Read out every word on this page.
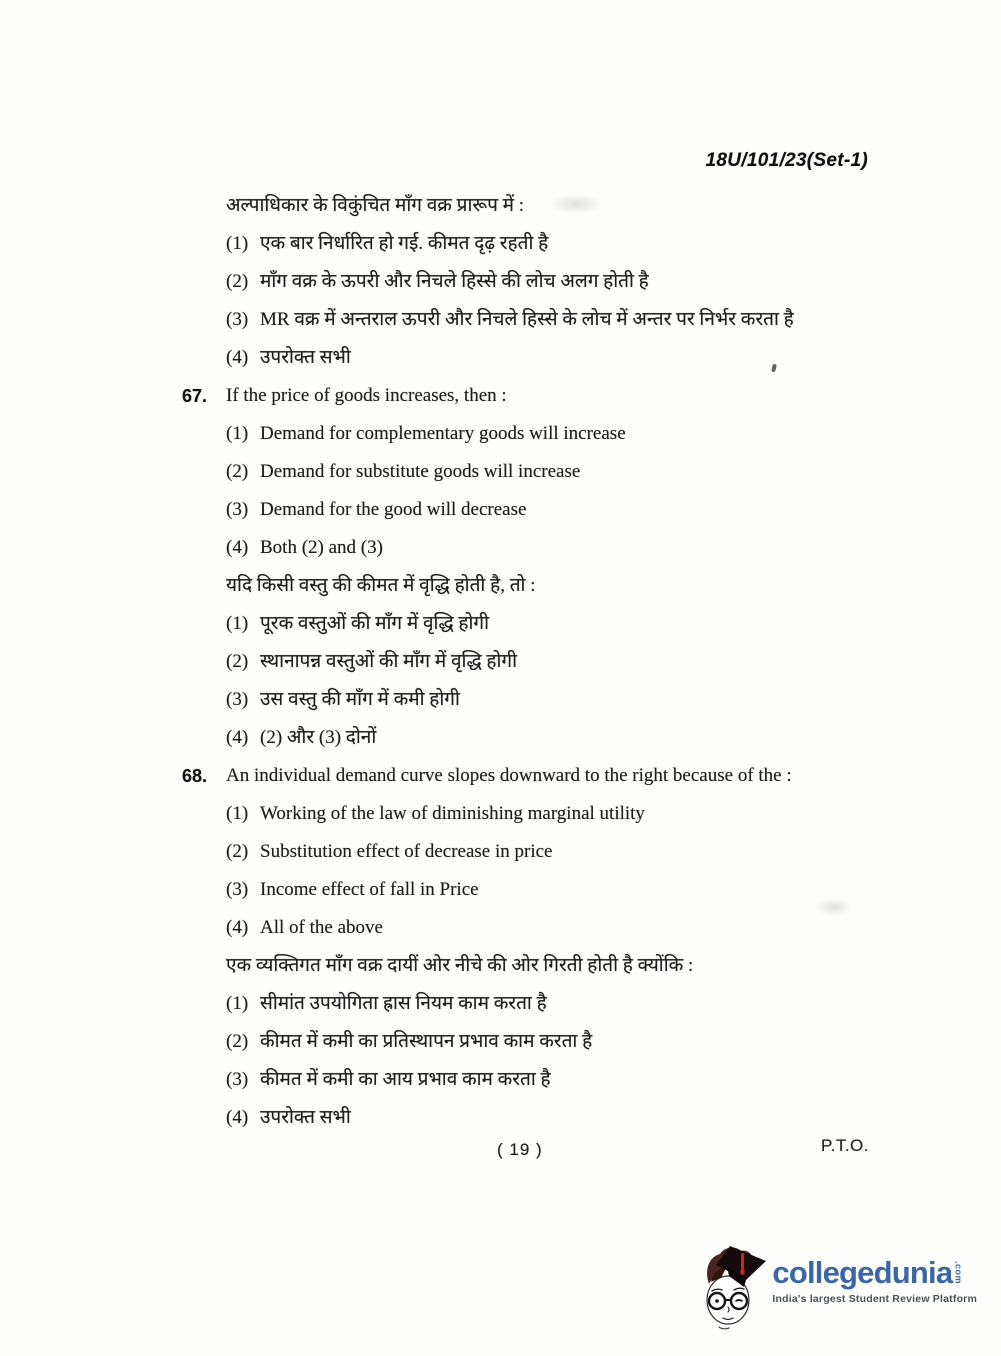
18U/101/23(Set-1)
अल्पाधिकार के विकुंचित माँग वक्र प्रारूप में :
(1) एक बार निर्धारित हो गई. कीमत दृढ़ रहती है
(2) माँग वक्र के ऊपरी और निचले हिस्से की लोच अलग होती है
(3) MR वक्र में अन्तराल ऊपरी और निचले हिस्से के लोच में अन्तर पर निर्भर करता है
(4) उपरोक्त सभी
67. If the price of goods increases, then :
(1) Demand for complementary goods will increase
(2) Demand for substitute goods will increase
(3) Demand for the good will decrease
(4) Both (2) and (3)
यदि किसी वस्तु की कीमत में वृद्धि होती है, तो :
(1) पूरक वस्तुओं की माँग में वृद्धि होगी
(2) स्थानापन्न वस्तुओं की माँग में वृद्धि होगी
(3) उस वस्तु की माँग में कमी होगी
(4) (2) और (3) दोनों
68. An individual demand curve slopes downward to the right because of the :
(1) Working of the law of diminishing marginal utility
(2) Substitution effect of decrease in price
(3) Income effect of fall in Price
(4) All of the above
एक व्यक्तिगत माँग वक्र दायीं ओर नीचे की ओर गिरती होती है क्योंकि :
(1) सीमांत उपयोगिता ह्रास नियम काम करता है
(2) कीमत में कमी का प्रतिस्थापन प्रभाव काम करता है
(3) कीमत में कमी का आय प्रभाव काम करता है
(4) उपरोक्त सभी
( 19 )	P.T.O.
collegedunia .com
India's largest Student Review Platform
